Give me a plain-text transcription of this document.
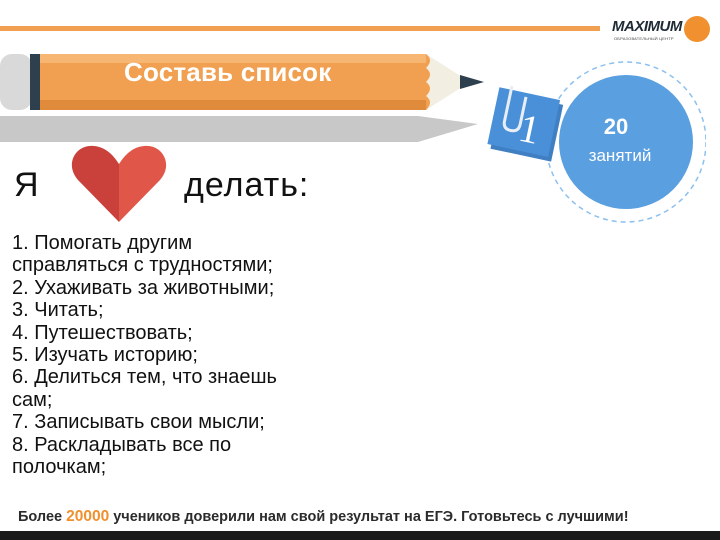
MAXIMUM
ОБРАЗОВАТЕЛЬНЫЙ ЦЕНТР
Составь список
1	20
занятий
Я	делать:
1. Помогать другим
справляться с трудностями;
2. Ухаживать за животными;
3. Читать;
4. Путешествовать;
5. Изучать историю;
6. Делиться тем, что знаешь
сам;
7. Записывать свои мысли;
8. Раскладывать все по
полочкам;
Более 20000 учеников доверили нам свой результат на ЕГЭ. Готовьтесь с лучшими!
